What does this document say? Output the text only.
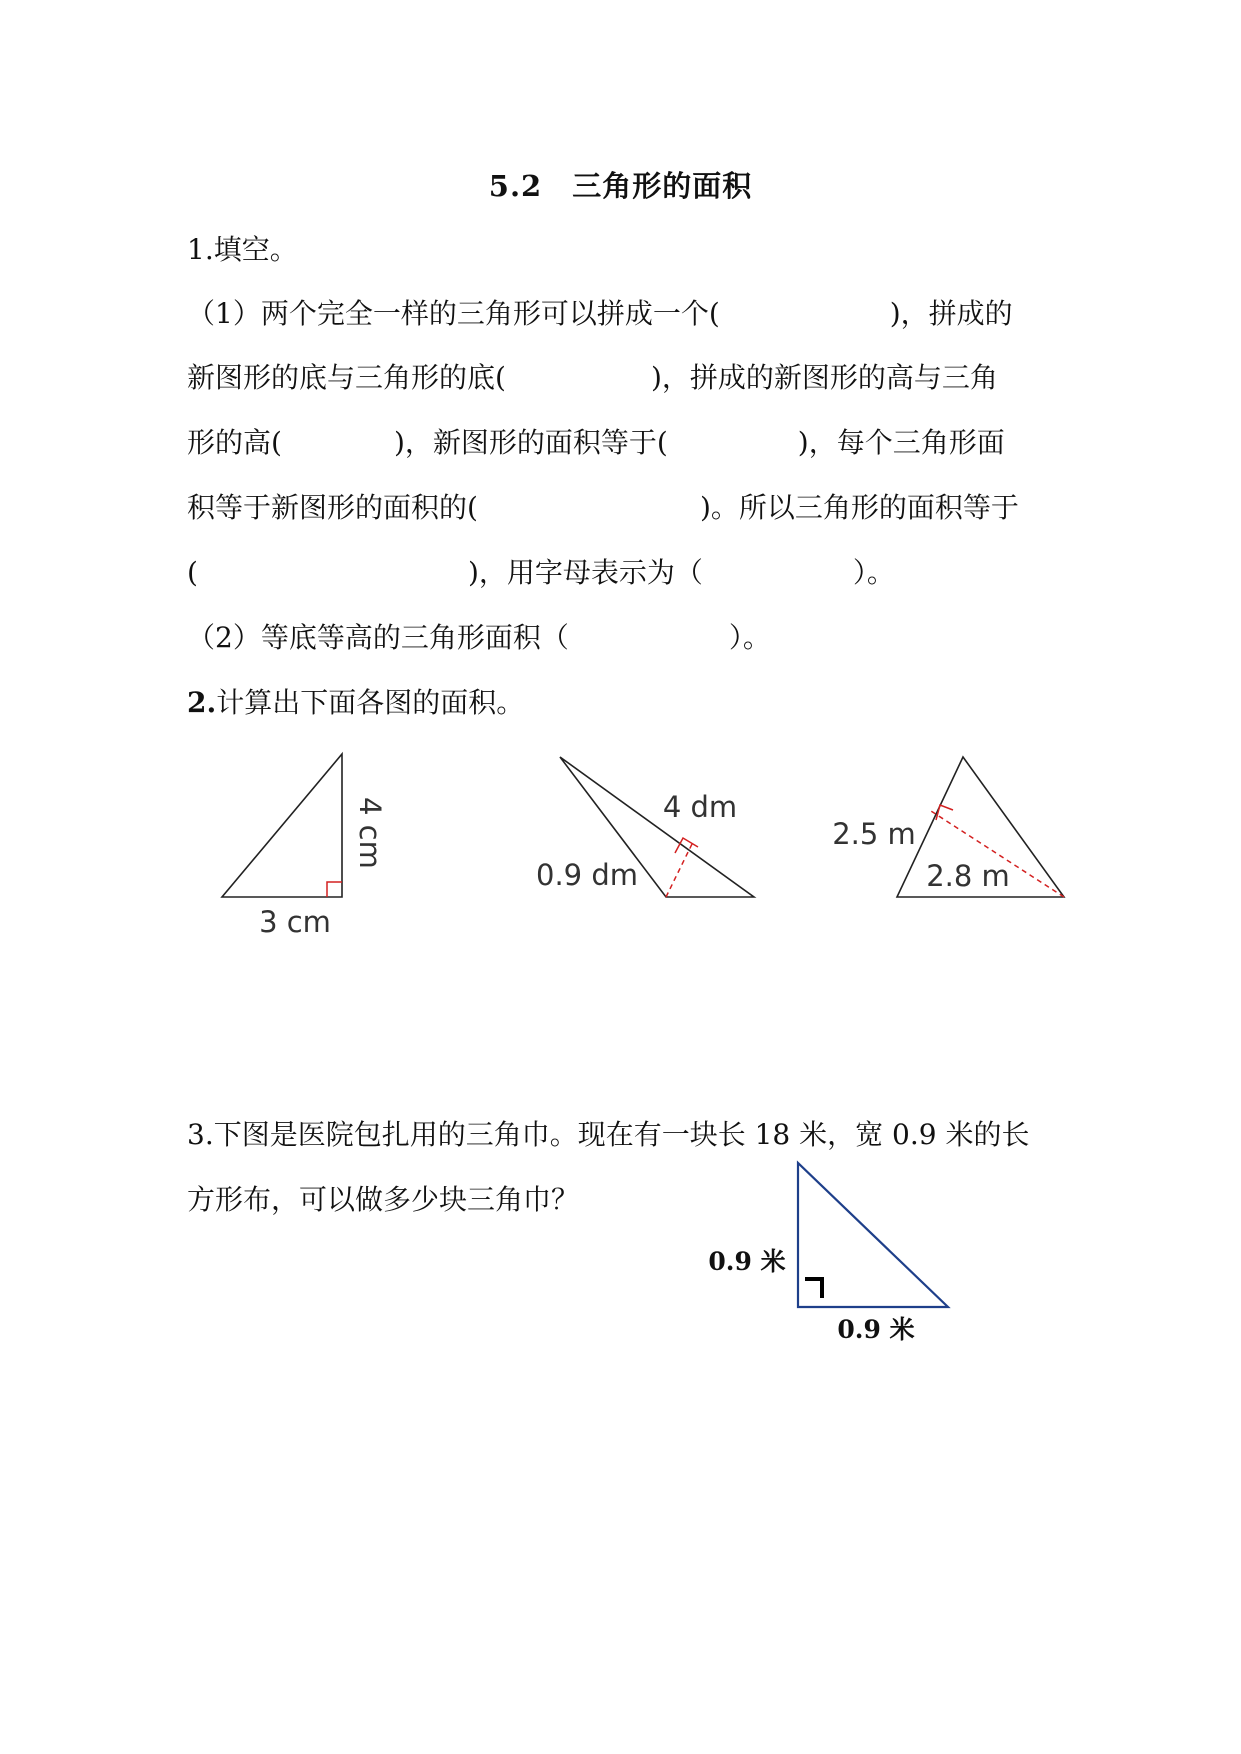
5.2　三角形的面积
1.填空。
（1）两个完全一样的三角形可以拼成一个(	)，拼成的
新图形的底与三角形的底(	)，拼成的新图形的高与三角
形的高(	)，新图形的面积等于(	)，每个三角形面
积等于新图形的面积的(	)。所以三角形的面积等于
(	)，用字母表示为（	）。
（2）等底等高的三角形面积（	）。
2.计算出下面各图的面积。
3 cm
4 dm
0.9 dm
2.5 m
2.8 m
0.9 米
0.9 米
4 cm
3.下图是医院包扎用的三角巾。现在有一块长 18 米，宽 0.9 米的长
方形布，可以做多少块三角巾？
